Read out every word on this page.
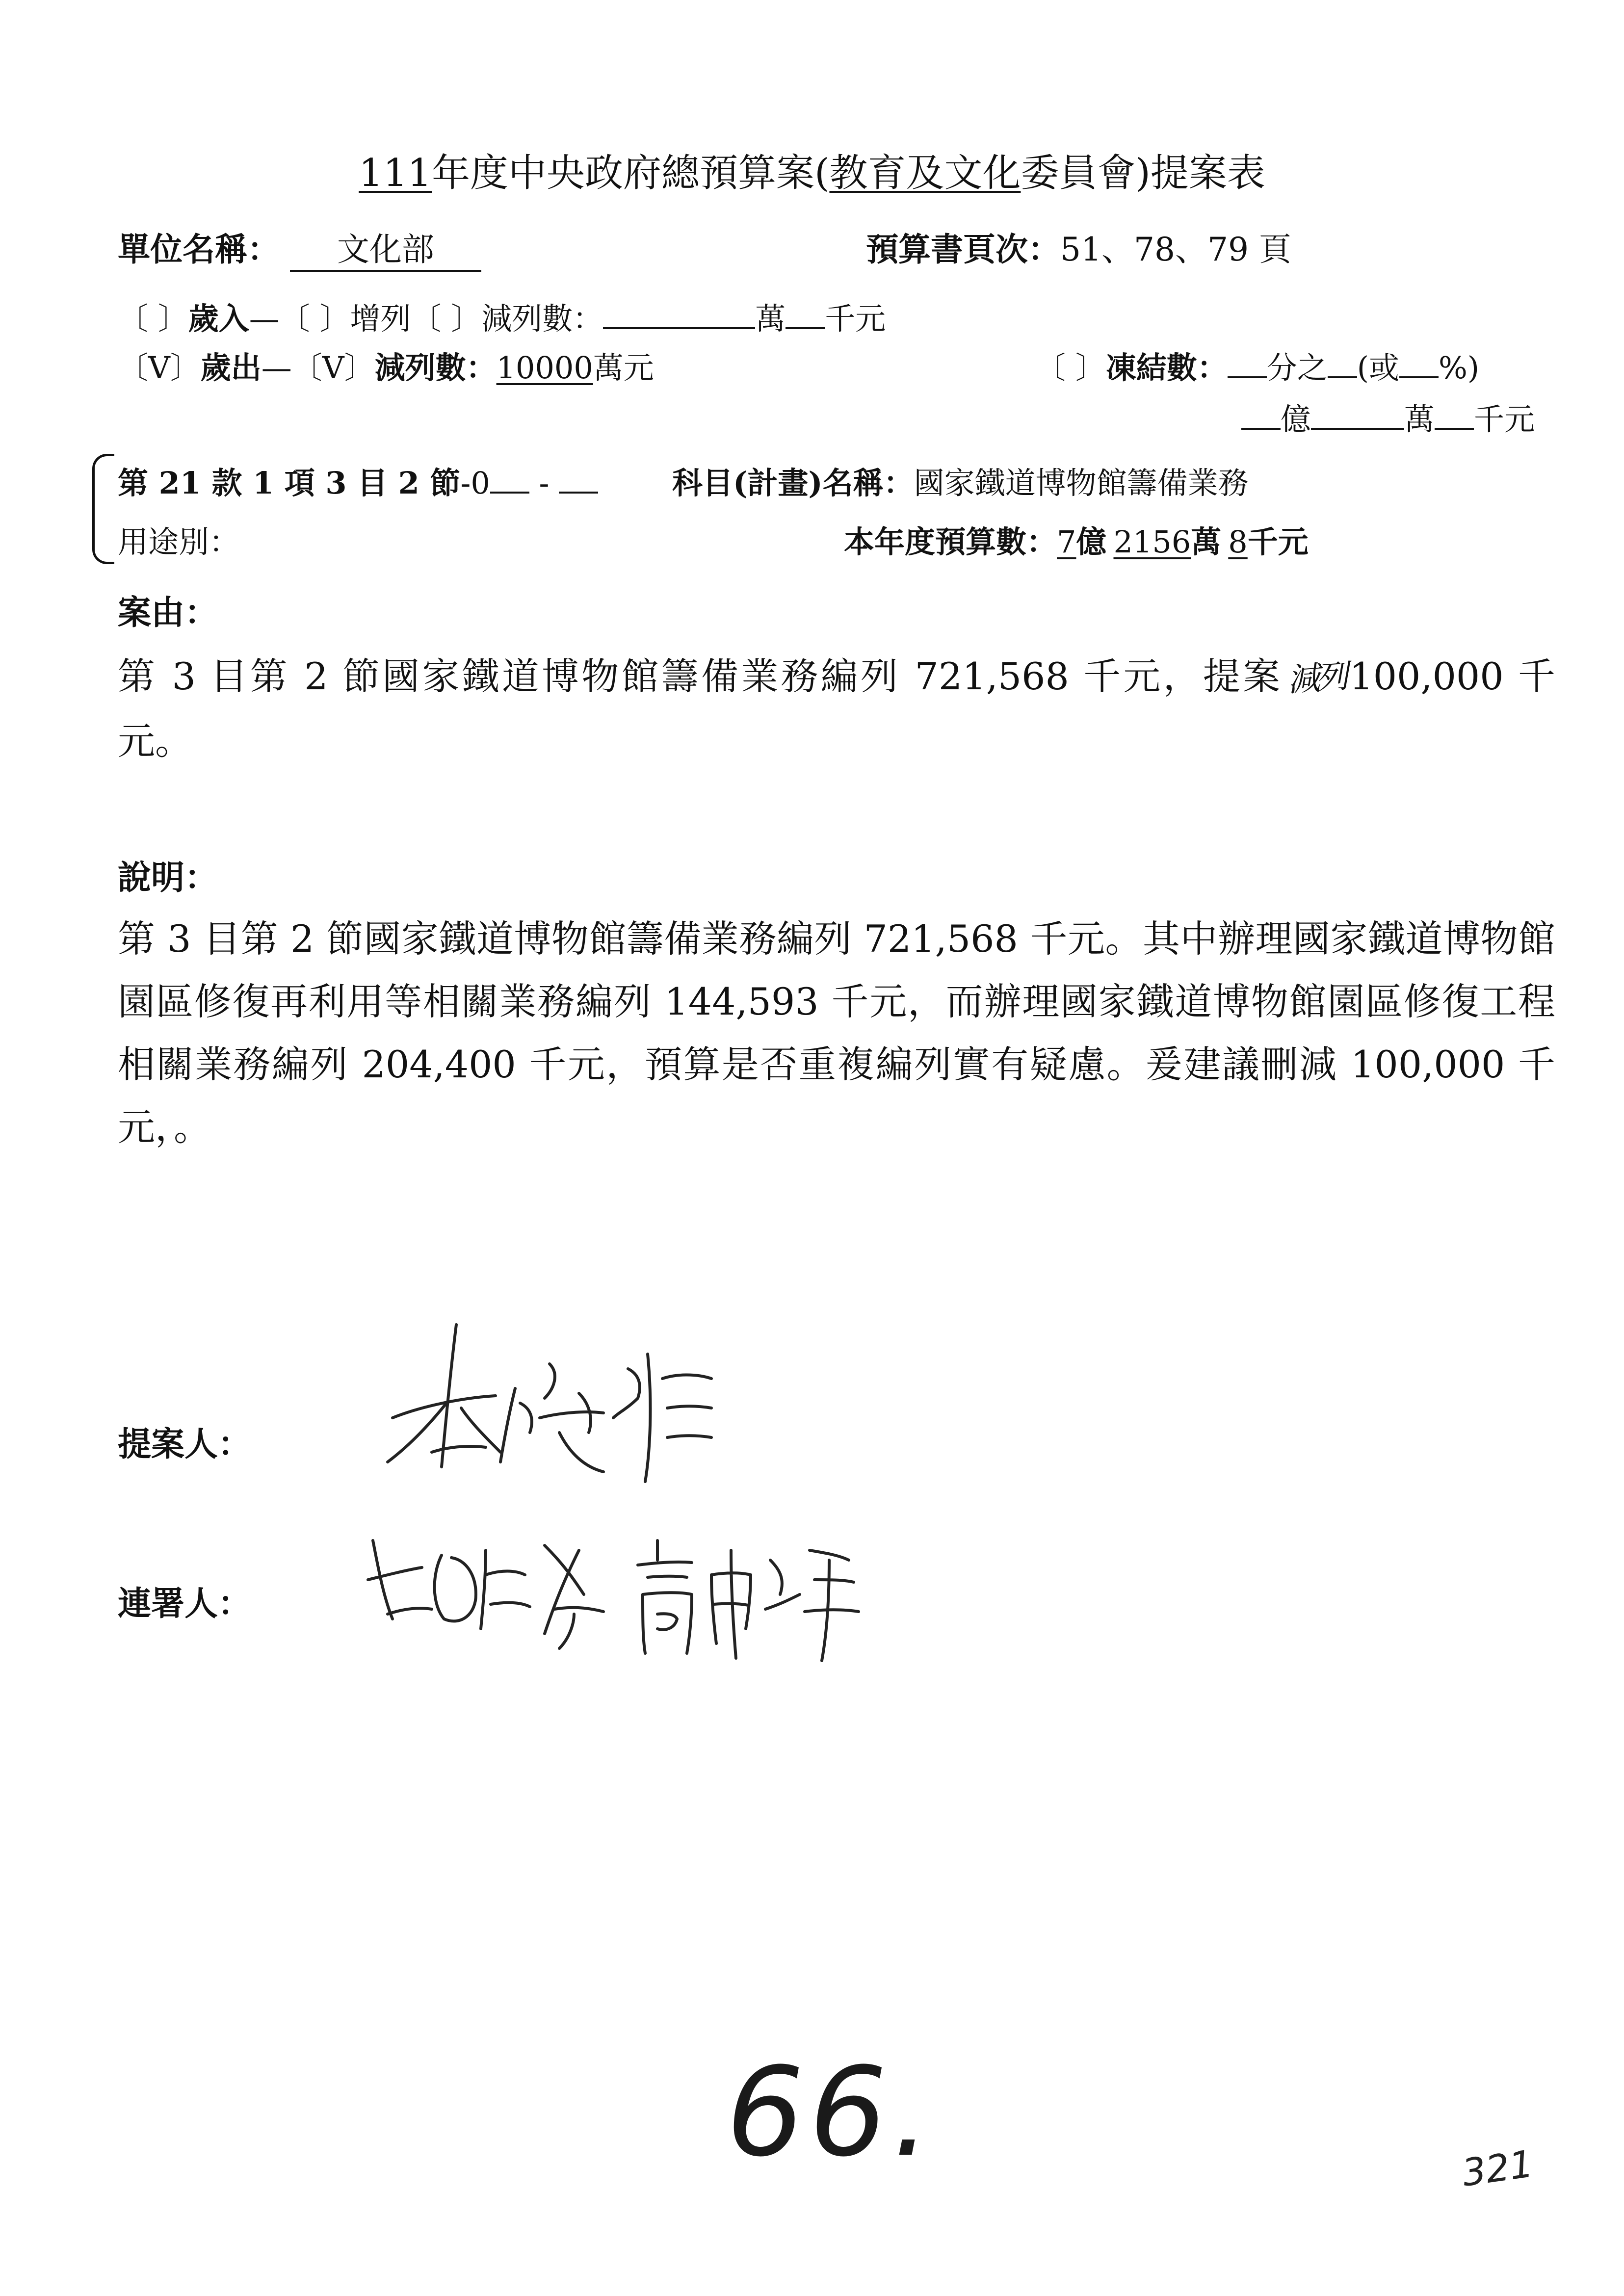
111年度中央政府總預算案(教育及文化委員會)提案表
單位名稱： 文化部	預算書頁次：51、78、79 頁
〔 〕歲入—〔 〕增列〔 〕減列數：	萬 千元
〔V〕歲出—〔V〕減列數：10000萬元	〔 〕凍結數： 分之 (或 %)
億	萬 千元
第 21 款 1 項 3 目 2 節-0 -	科目(計畫)名稱：國家鐵道博物館籌備業務
用途別：	本年度預算數：7億 2156萬 8千元
案由：
第 3 目第 2 節國家鐵道博物館籌備業務編列 721,568 千元，提案 減列100,000 千元。
說明：
第 3 目第 2 節國家鐵道博物館籌備業務編列 721,568 千元。其中辦理國家鐵道博物館園區修復再利用等相關業務編列 144,593 千元，而辦理國家鐵道博物館園區修復工程相關業務編列 204,400 千元，預算是否重複編列實有疑慮。爰建議刪減 100,000 千元，。
提案人：
連署人：
66.	321
